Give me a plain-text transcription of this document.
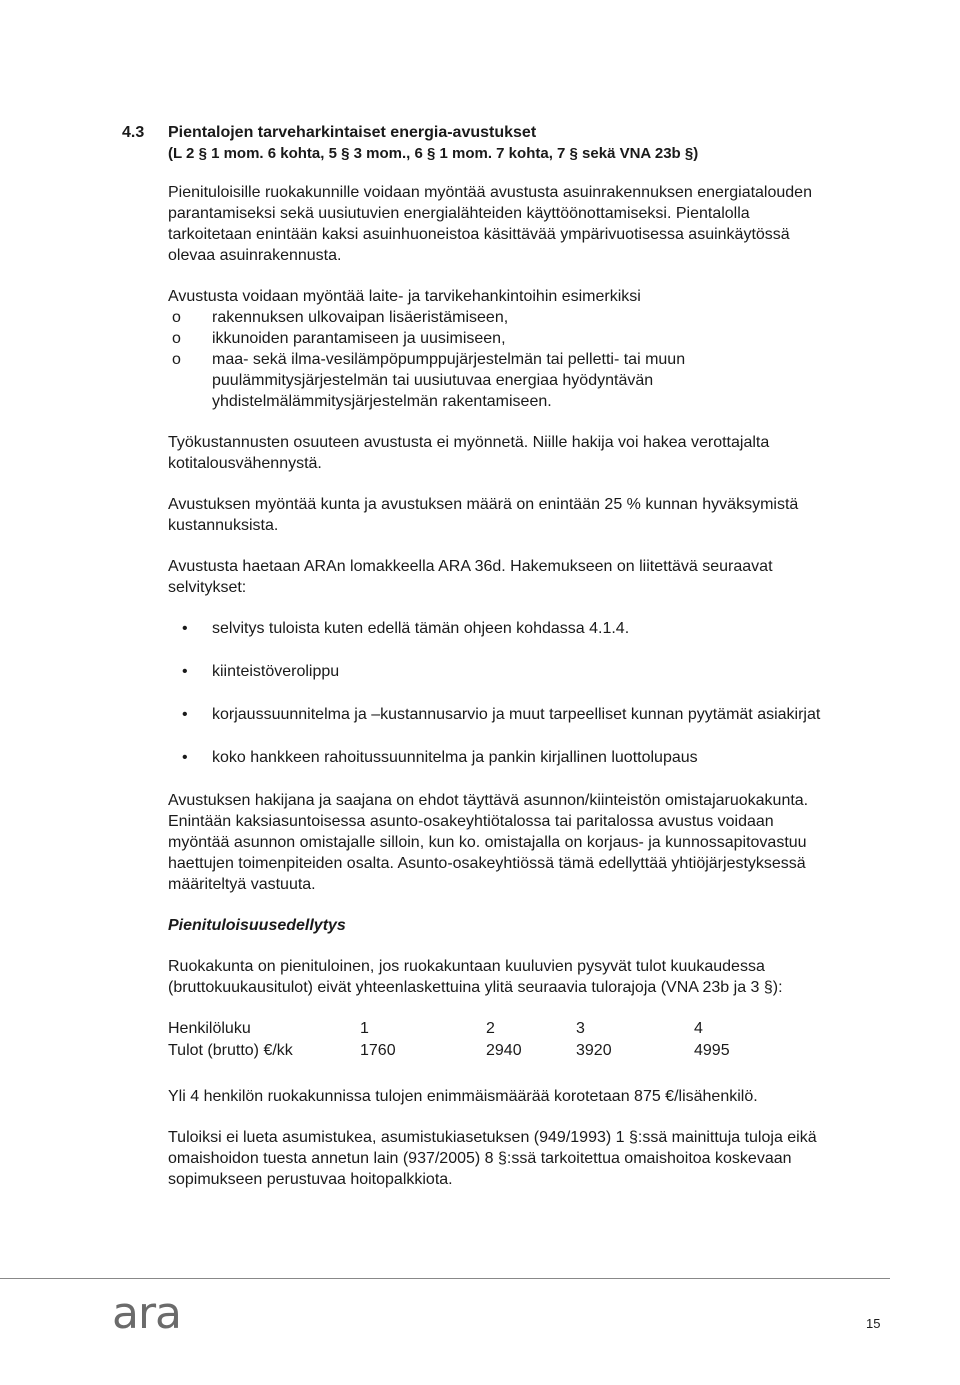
4.3 Pientalojen tarveharkintaiset energia-avustukset
(L 2 § 1 mom. 6 kohta, 5 § 3 mom., 6 § 1 mom. 7 kohta, 7 § sekä VNA 23b §)

Pienituloisille ruokakunnille voidaan myöntää avustusta asuinrakennuksen energiatalouden parantamiseksi sekä uusiutuvien energialähteiden käyttöönottamiseksi. Pientalolla tarkoitetaan enintään kaksi asuinhuoneistoa käsittävää ympärivuotisessa asuinkäytössä olevaa asuinrakennusta.

Avustusta voidaan myöntää laite- ja tarvikehankintoihin esimerkiksi

o rakennuksen ulkovaipan lisäeristämiseen,
o ikkunoiden parantamiseen ja uusimiseen,
o maa- sekä ilma-vesilämpöpumppujärjestelmän tai pelletti- tai muun puulämmitysjärjestelmän tai uusiutuvaa energiaa hyödyntävän yhdistelmälämmitysjärjestelmän rakentamiseen.

Työkustannusten osuuteen avustusta ei myönnetä. Niille hakija voi hakea verottajalta kotitalousvähennystä.

Avustuksen myöntää kunta ja avustuksen määrä on enintään 25 % kunnan hyväksymistä kustannuksista.

Avustusta haetaan ARAn lomakkeella ARA 36d. Hakemukseen on liitettävä seuraavat selvitykset:

• selvitys tuloista kuten edellä tämän ohjeen kohdassa 4.1.4.
• kiinteistöverolippu
• korjaussuunnitelma ja –kustannusarvio ja muut tarpeelliset kunnan pyytämät asiakirjat
• koko hankkeen rahoitussuunnitelma ja pankin kirjallinen luottolupaus

Avustuksen hakijana ja saajana on ehdot täyttävä asunnon/kiinteistön omistajaruokakunta. Enintään kaksiasuntoisessa asunto-osakeyhtiötalossa tai paritalossa avustus voidaan myöntää asunnon omistajalle silloin, kun ko. omistajalla on korjaus- ja kunnossapitovastuu haettujen toimenpiteiden osalta. Asunto-osakeyhtiössä tämä edellyttää yhtiöjärjestyksessä määriteltyä vastuuta.

Pienituloisuusedellytys

Ruokakunta on pienituloinen, jos ruokakuntaan kuuluvien pysyvät tulot kuukaudessa (bruttokuukausitulot) eivät yhteenlaskettuina ylitä seuraavia tulorajoja (VNA 23b ja 3 §):

Henkilöluku	1	2	3	4
Tulot (brutto) €/kk	1760	2940	3920	4995

Yli 4 henkilön ruokakunnissa tulojen enimmäismäärää korotetaan 875 €/lisähenkilö.

Tuloiksi ei lueta asumistukea, asumistukiasetuksen (949/1993) 1 §:ssä mainittuja tuloja eikä omaishoidon tuesta annetun lain (937/2005) 8 §:ssä tarkoitettua omaishoitoa koskevaan sopimukseen perustuvaa hoitopalkkiota.

ara	15
